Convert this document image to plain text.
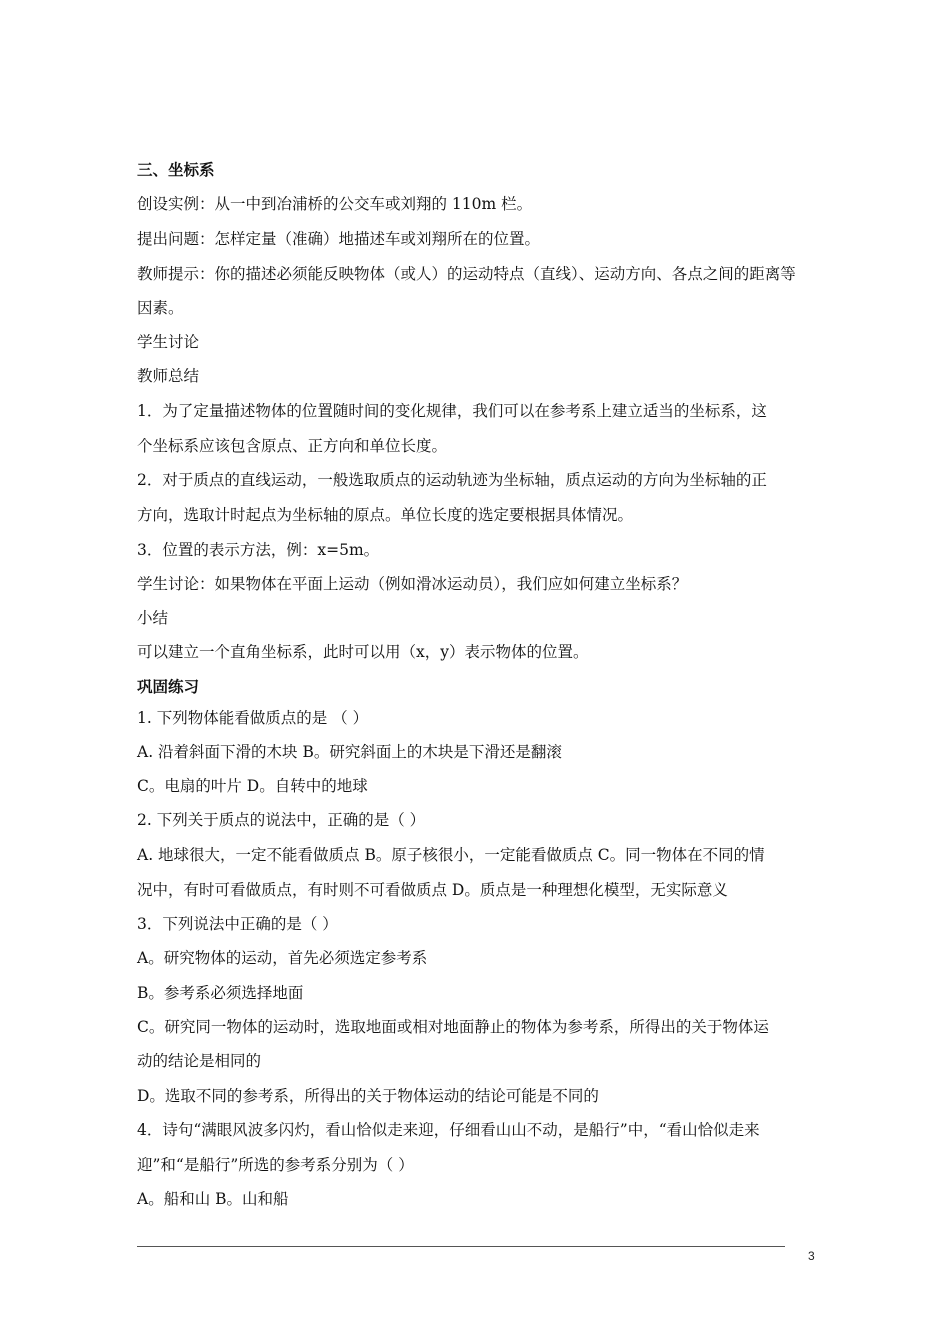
三、坐标系
创设实例：从一中到冶浦桥的公交车或刘翔的 110m 栏。
提出问题：怎样定量（准确）地描述车或刘翔所在的位置。
教师提示：你的描述必须能反映物体（或人）的运动特点（直线）、运动方向、各点之间的距离等
因素。
学生讨论
教师总结
1．为了定量描述物体的位置随时间的变化规律，我们可以在参考系上建立适当的坐标系，这
个坐标系应该包含原点、正方向和单位长度。
2．对于质点的直线运动，一般选取质点的运动轨迹为坐标轴，质点运动的方向为坐标轴的正
方向，选取计时起点为坐标轴的原点。单位长度的选定要根据具体情况。
3．位置的表示方法，例：x=5m。
学生讨论：如果物体在平面上运动（例如滑冰运动员），我们应如何建立坐标系？
小结
可以建立一个直角坐标系，此时可以用（x，y）表示物体的位置。
巩固练习
1. 下列物体能看做质点的是 （ ）
A. 沿着斜面下滑的木块 B。研究斜面上的木块是下滑还是翻滚
C。电扇的叶片 D。自转中的地球
2. 下列关于质点的说法中，正确的是（ ）
A. 地球很大，一定不能看做质点 B。原子核很小，一定能看做质点 C。同一物体在不同的情
况中，有时可看做质点，有时则不可看做质点 D。质点是一种理想化模型，无实际意义
3．下列说法中正确的是（ ）
A。研究物体的运动，首先必须选定参考系
B。参考系必须选择地面
C。研究同一物体的运动时，选取地面或相对地面静止的物体为参考系，所得出的关于物体运
动的结论是相同的
D。选取不同的参考系，所得出的关于物体运动的结论可能是不同的
4．诗句“满眼风波多闪灼，看山恰似走来迎，仔细看山山不动，是船行”中，“看山恰似走来
迎”和“是船行”所选的参考系分别为（ ）
A。船和山 B。山和船
3
